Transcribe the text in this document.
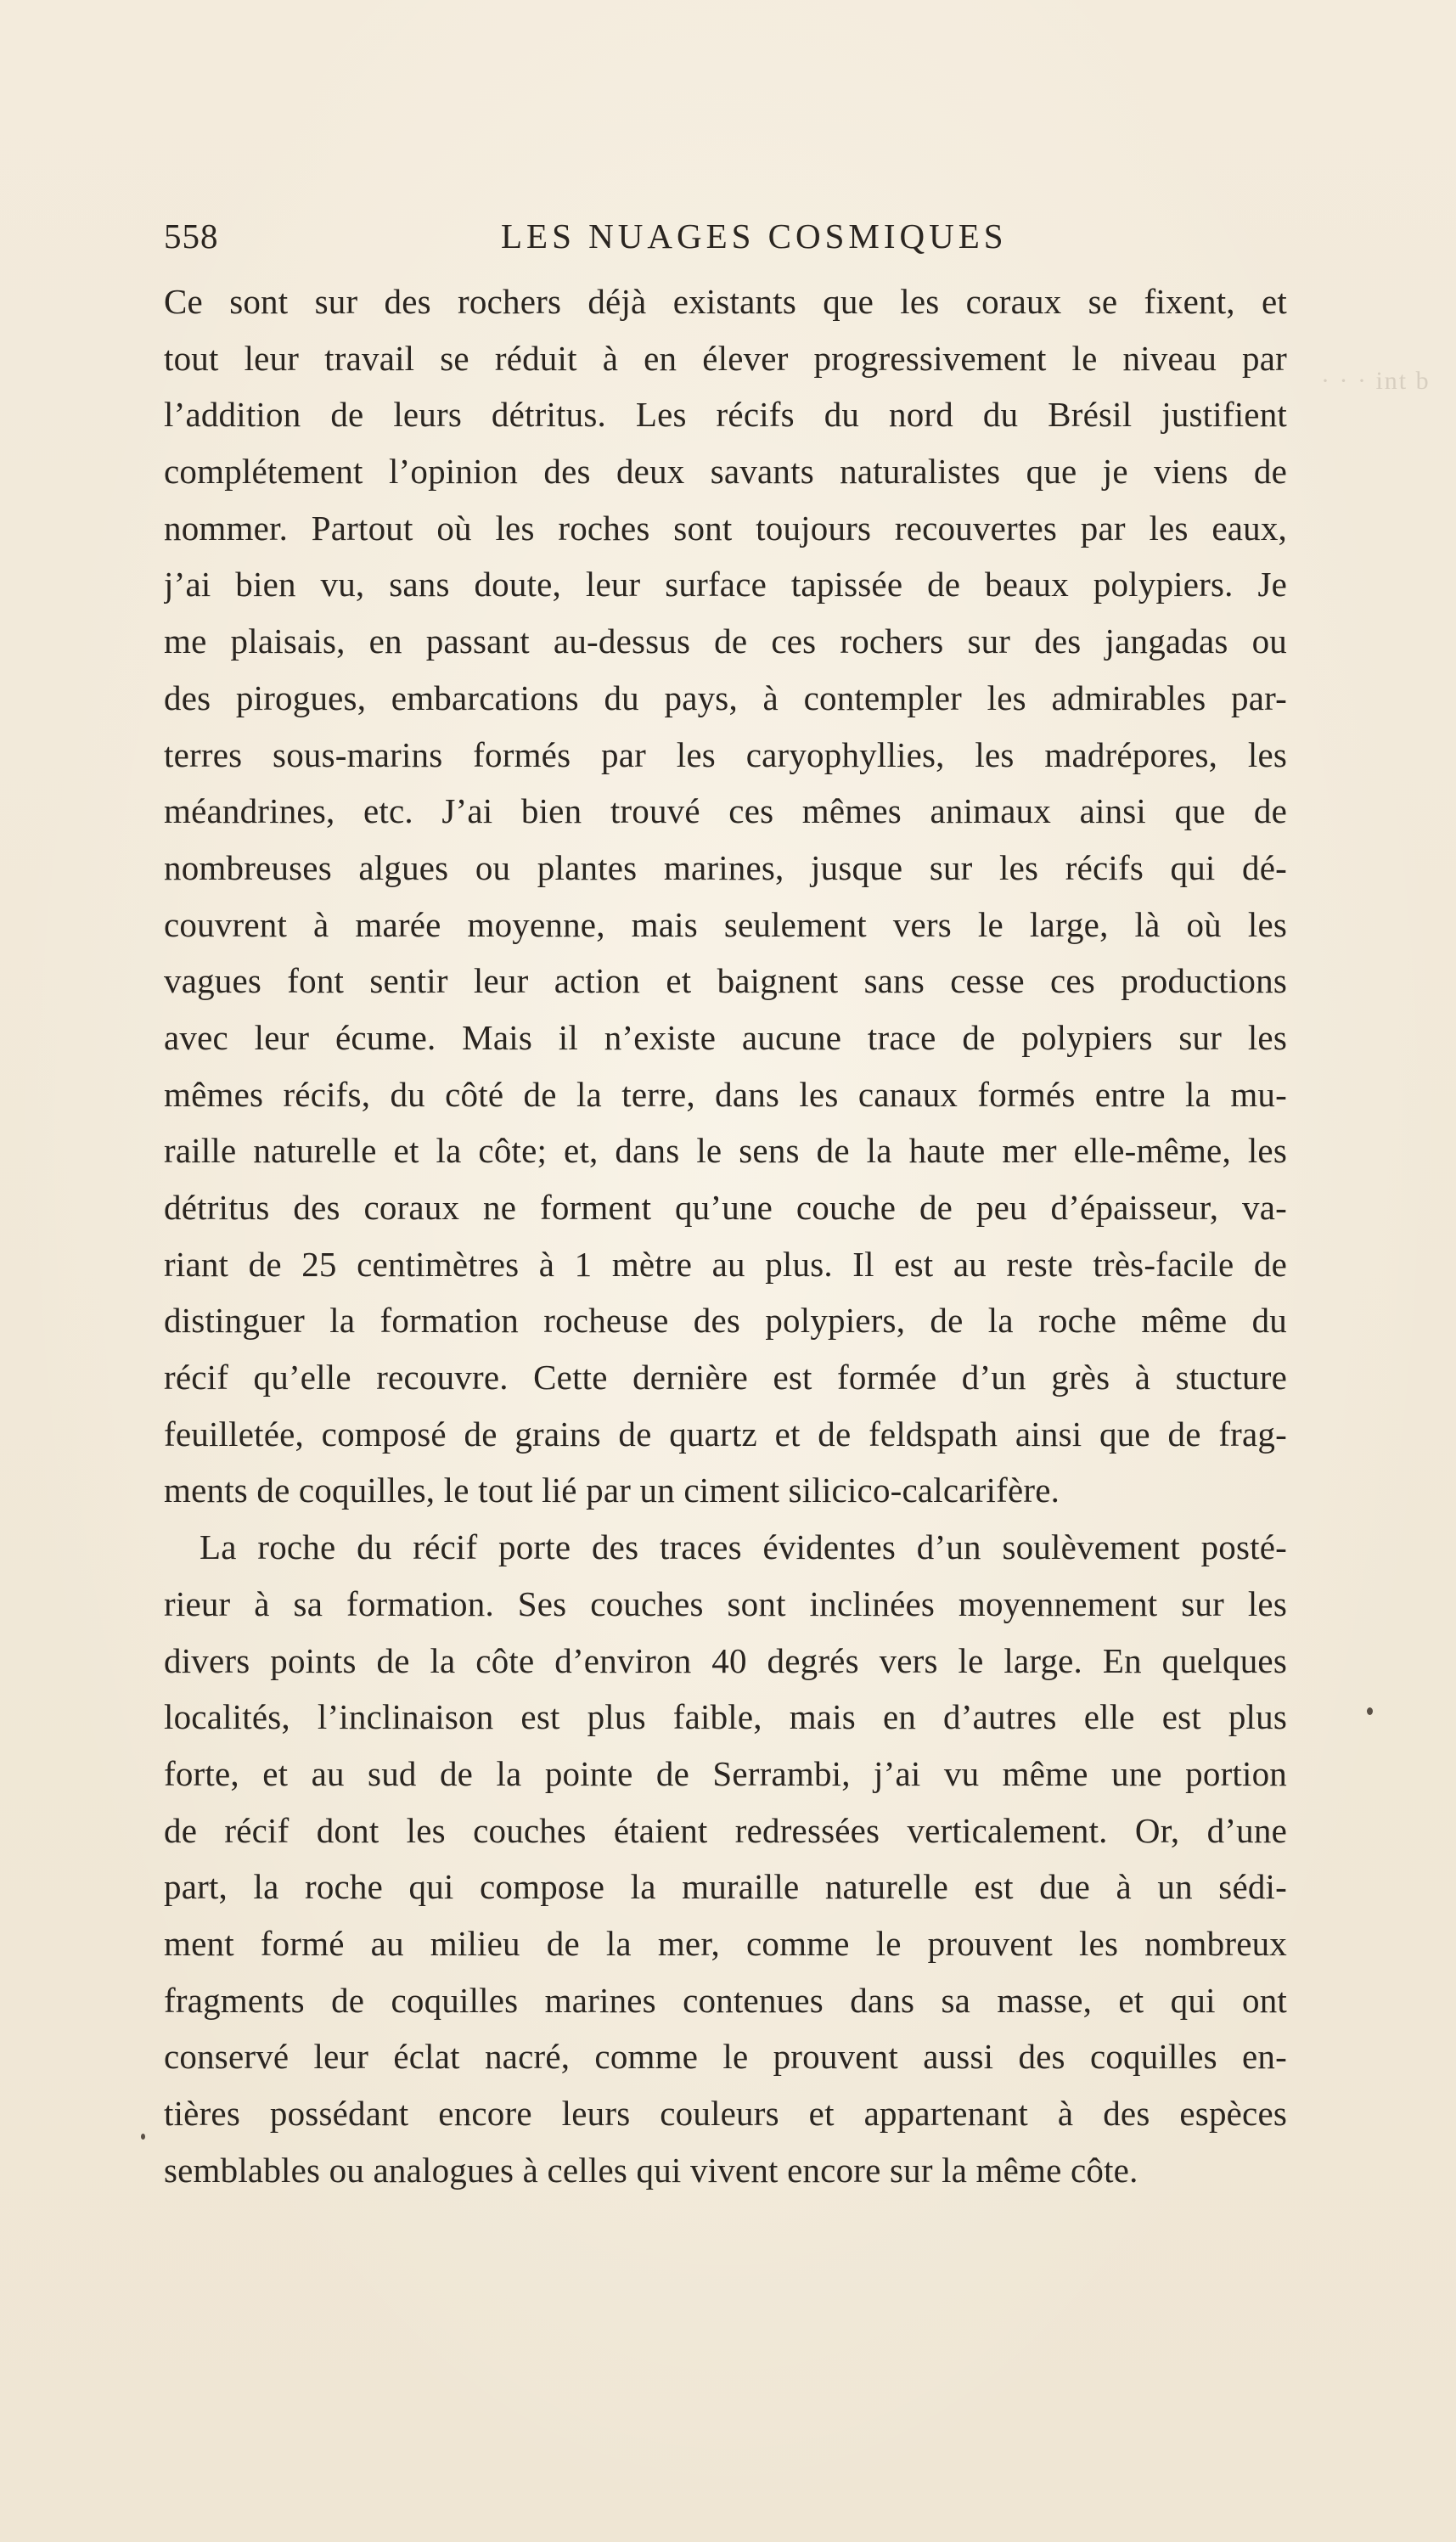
558	LES NUAGES COSMIQUES
· · · int b
Ce sont sur des rochers déjà existants que les coraux se fixent, et
tout leur travail se réduit à en élever progressivement le niveau par
l’addition de leurs détritus. Les récifs du nord du Brésil justifient
complétement l’opinion des deux savants naturalistes que je viens de
nommer. Partout où les roches sont toujours recouvertes par les eaux,
j’ai bien vu, sans doute, leur surface tapissée de beaux polypiers. Je
me plaisais, en passant au-dessus de ces rochers sur des jangadas ou
des pirogues, embarcations du pays, à contempler les admirables par-
terres sous-marins formés par les caryophyllies, les madrépores, les
méandrines, etc. J’ai bien trouvé ces mêmes animaux ainsi que de
nombreuses algues ou plantes marines, jusque sur les récifs qui dé-
couvrent à marée moyenne, mais seulement vers le large, là où les
vagues font sentir leur action et baignent sans cesse ces productions
avec leur écume. Mais il n’existe aucune trace de polypiers sur les
mêmes récifs, du côté de la terre, dans les canaux formés entre la mu-
raille naturelle et la côte; et, dans le sens de la haute mer elle-même, les
détritus des coraux ne forment qu’une couche de peu d’épaisseur, va-
riant de 25 centimètres à 1 mètre au plus. Il est au reste très-facile de
distinguer la formation rocheuse des polypiers, de la roche même du
récif qu’elle recouvre. Cette dernière est formée d’un grès à stucture
feuilletée, composé de grains de quartz et de feldspath ainsi que de frag-
ments de coquilles, le tout lié par un ciment silicico-calcarifère.
La roche du récif porte des traces évidentes d’un soulèvement posté-
rieur à sa formation. Ses couches sont inclinées moyennement sur les
divers points de la côte d’environ 40 degrés vers le large. En quelques
localités, l’inclinaison est plus faible, mais en d’autres elle est plus
forte, et au sud de la pointe de Serrambi, j’ai vu même une portion
de récif dont les couches étaient redressées verticalement. Or, d’une
part, la roche qui compose la muraille naturelle est due à un sédi-
ment formé au milieu de la mer, comme le prouvent les nombreux
fragments de coquilles marines contenues dans sa masse, et qui ont
conservé leur éclat nacré, comme le prouvent aussi des coquilles en-
tières possédant encore leurs couleurs et appartenant à des espèces
semblables ou analogues à celles qui vivent encore sur la même côte.
